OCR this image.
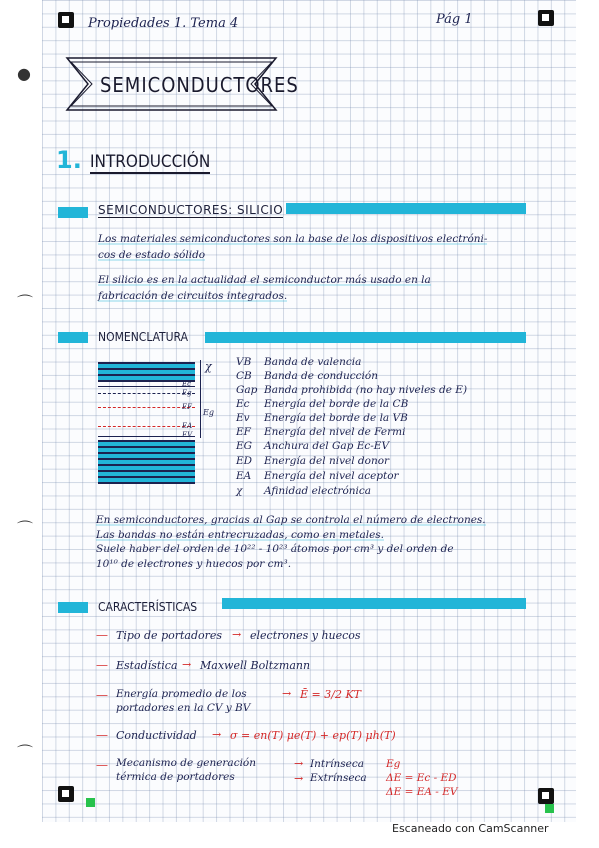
●
⌒
⌒
⌒
Propiedades 1. Tema 4	Pág 1
SEMICONDUCTORES
1. INTRODUCCIÓN
SEMICONDUCTORES: SILICIO
Los materiales semiconductores son la base de los dispositivos electróni-
cos de estado sólido
El silicio es en la actualidad el semiconductor más usado en la
fabricación de circuitos integrados.
NOMENCLATURA
χ
Ec
Eg
EF
Eg
EA
EV
VB Banda de valencia
CB Banda de conducción
Gap Banda prohibida (no hay niveles de E)
Ec Energía del borde de la CB
Ev Energía del borde de la VB
EF Energía del nivel de Fermi
EG Anchura del Gap Ec-EV
ED Energía del nivel donor
EA Energía del nivel aceptor
χ Afinidad electrónica
En semiconductores, gracias al Gap se controla el número de electrones.
Las bandas no están entrecruzadas, como en metales.
Suele haber del orden de 10²² - 10²³ átomos por cm³ y del orden de
10¹⁰ de electrones y huecos por cm³.
CARACTERÍSTICAS
— Tipo de portadores → electrones y huecos
— Estadística → Maxwell Boltzmann
— Energía promedio de los
portadores en la CV y BV
→ Ē = 3/2 KT
— Conductividad → σ = en(T) μe(T) + ep(T) μh(T)
— Mecanismo de generación
térmica de portadores
→ Intrínseca Eg
→ Extrínseca ΔE = Ec - ED
ΔE = EA - EV
Escaneado con CamScanner
